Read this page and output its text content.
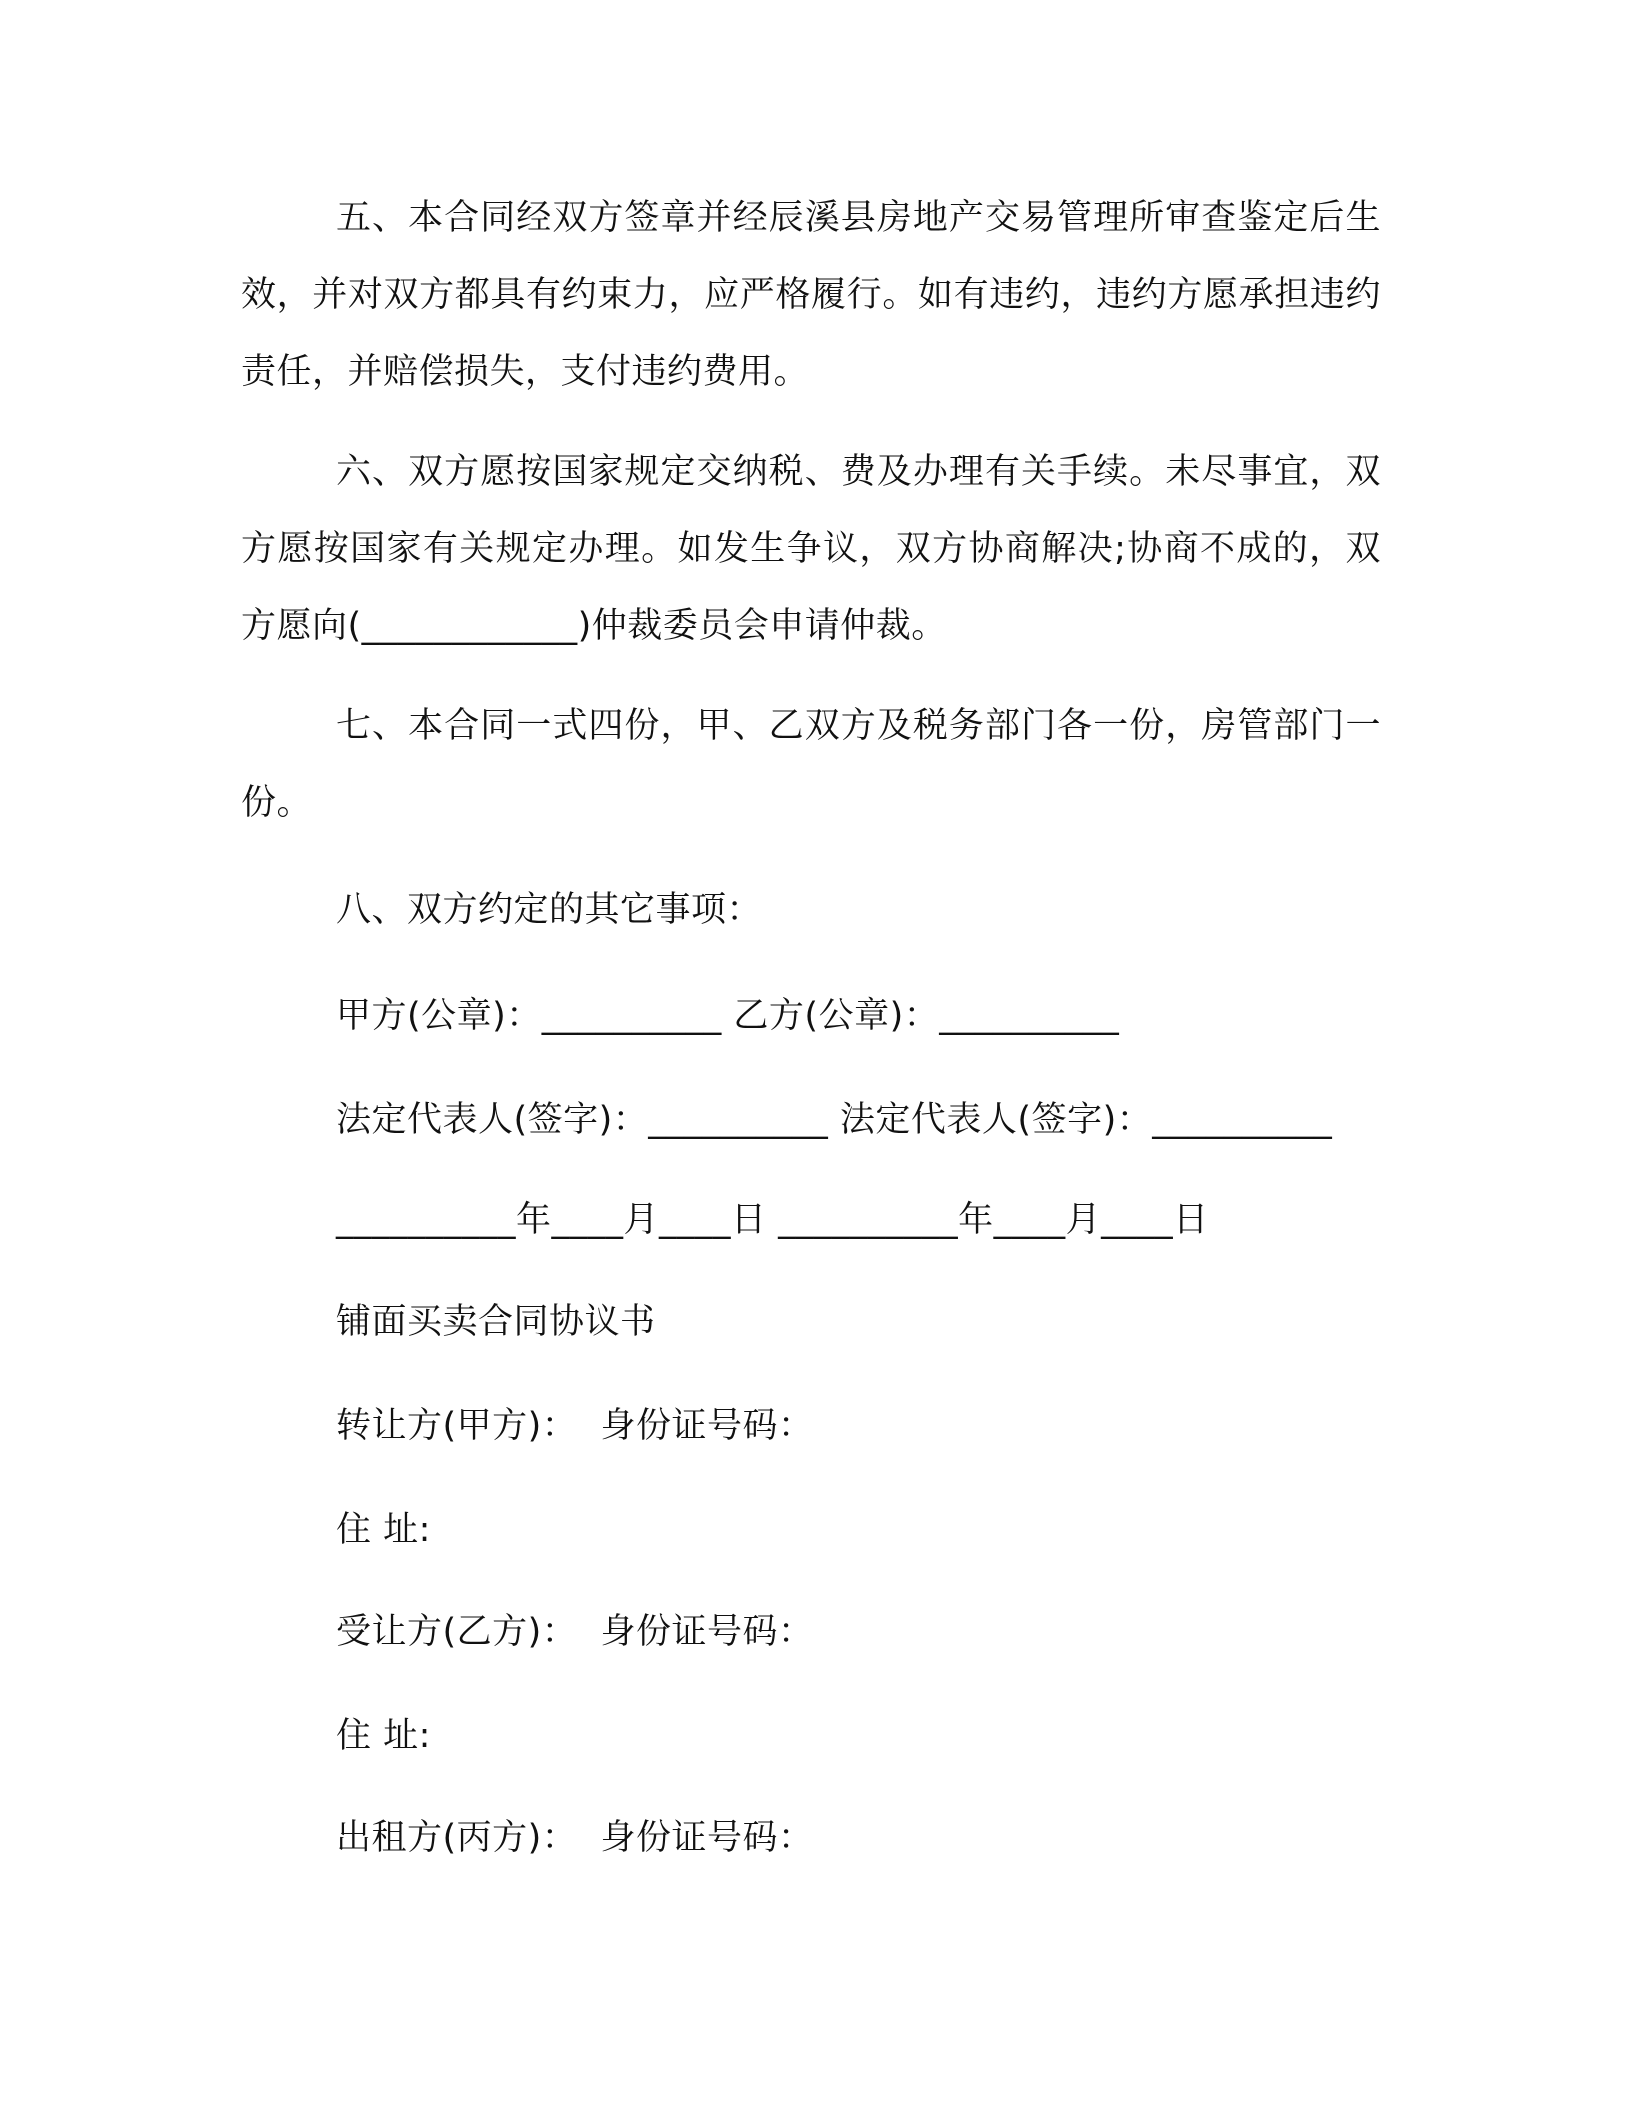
五、本合同经双方签章并经辰溪县房地产交易管理所审查鉴定后生效，并对双方都具有约束力，应严格履行。如有违约，违约方愿承担违约责任，并赔偿损失，支付违约费用。

六、双方愿按国家规定交纳税、费及办理有关手续。未尽事宜，双方愿按国家有关规定办理。如发生争议，双方协商解决;协商不成的，双方愿向(____________)仲裁委员会申请仲裁。

七、本合同一式四份，甲、乙双方及税务部门各一份，房管部门一份。

八、双方约定的其它事项：

甲方(公章)：__________ 乙方(公章)：__________

法定代表人(签字)：__________ 法定代表人(签字)：__________

__________年____月____日 __________年____月____日

铺面买卖合同协议书

转让方(甲方)：  身份证号码：

住 址:

受让方(乙方)：  身份证号码：

住 址:

出租方(丙方)：  身份证号码：
